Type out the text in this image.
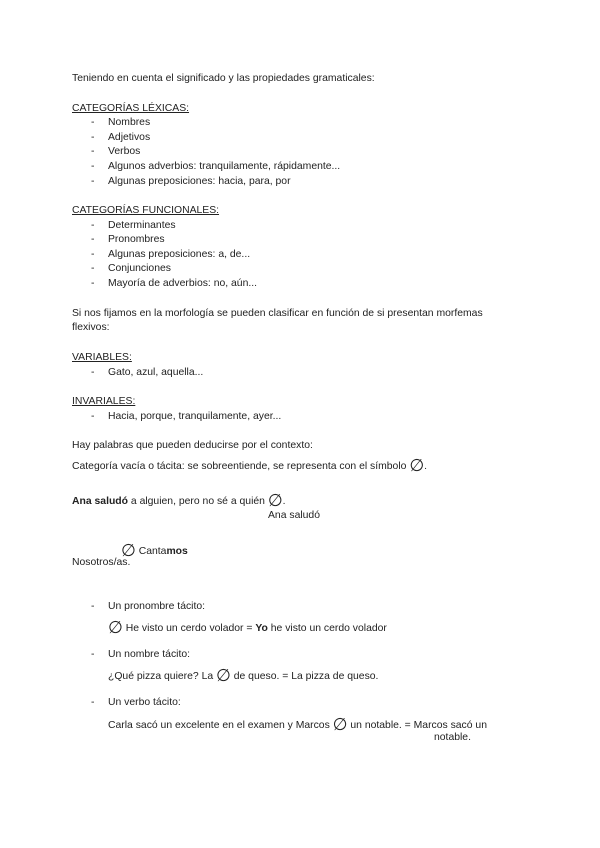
Teniendo en cuenta el significado y las propiedades gramaticales:
CATEGORÍAS LÉXICAS:
- Nombres
- Adjetivos
- Verbos
- Algunos adverbios: tranquilamente, rápidamente...
- Algunas preposiciones: hacia, para, por
CATEGORÍAS FUNCIONALES:
- Determinantes
- Pronombres
- Algunas preposiciones: a, de...
- Conjunciones
- Mayoría de adverbios: no, aún...
Si nos fijamos en la morfología se pueden clasificar en función de si presentan morfemas
flexivos:
VARIABLES:
- Gato, azul, aquella...
INVARIALES:
- Hacia, porque, tranquilamente, ayer...
Hay palabras que pueden deducirse por el contexto:
Categoría vacía o tácita: se sobreentiende, se representa con el símbolo ∅.
Ana saludó a alguien, pero no sé a quién ∅.
Ana saludó
∅ Cantamos
Nosotros/as.
- Un pronombre tácito:
∅ He visto un cerdo volador = Yo he visto un cerdo volador
- Un nombre tácito:
¿Qué pizza quiere? La ∅ de queso. = La pizza de queso.
- Un verbo tácito:
Carla sacó un excelente en el examen y Marcos ∅ un notable. = Marcos sacó un
notable.
